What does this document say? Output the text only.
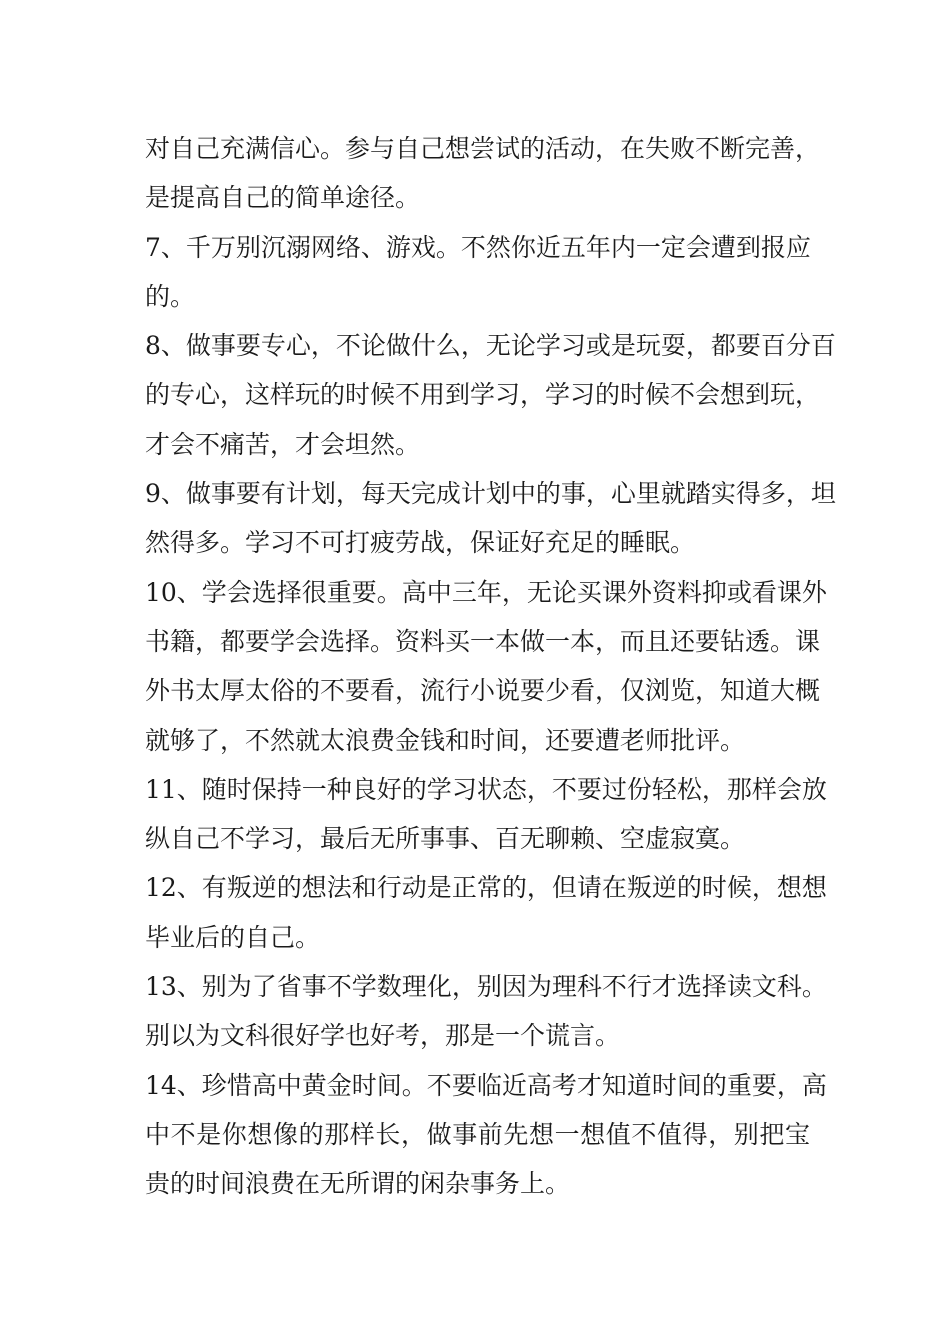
对自己充满信心。参与自己想尝试的活动，在失败不断完善，
是提高自己的简单途径。
7、千万别沉溺网络、游戏。不然你近五年内一定会遭到报应
的。
8、做事要专心，不论做什么，无论学习或是玩耍，都要百分百
的专心，这样玩的时候不用到学习，学习的时候不会想到玩，
才会不痛苦，才会坦然。
9、做事要有计划，每天完成计划中的事，心里就踏实得多，坦
然得多。学习不可打疲劳战，保证好充足的睡眠。
10、学会选择很重要。高中三年，无论买课外资料抑或看课外
书籍，都要学会选择。资料买一本做一本，而且还要钻透。课
外书太厚太俗的不要看，流行小说要少看，仅浏览，知道大概
就够了，不然就太浪费金钱和时间，还要遭老师批评。
11、随时保持一种良好的学习状态，不要过份轻松，那样会放
纵自己不学习，最后无所事事、百无聊赖、空虚寂寞。
12、有叛逆的想法和行动是正常的，但请在叛逆的时候，想想
毕业后的自己。
13、别为了省事不学数理化，别因为理科不行才选择读文科。
别以为文科很好学也好考，那是一个谎言。
14、珍惜高中黄金时间。不要临近高考才知道时间的重要，高
中不是你想像的那样长，做事前先想一想值不值得，别把宝
贵的时间浪费在无所谓的闲杂事务上。
